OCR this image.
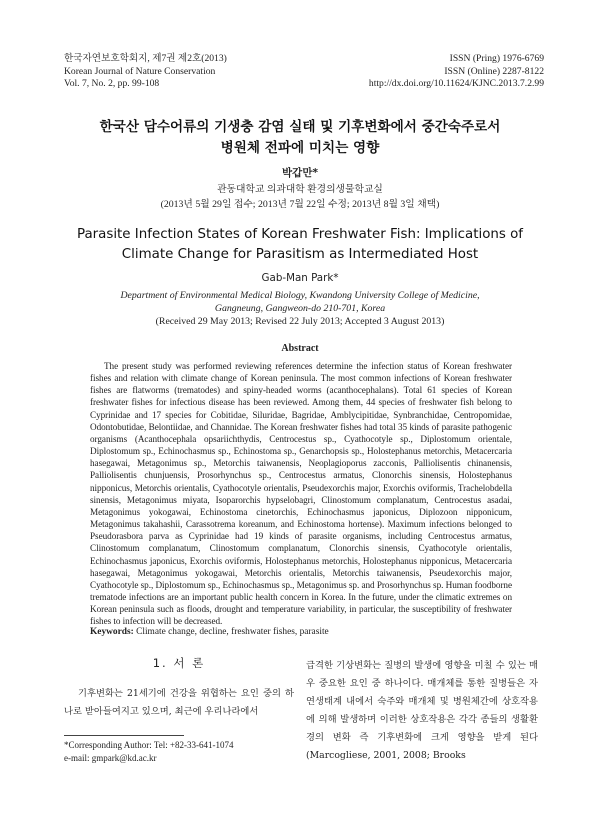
한국자연보호학회지, 제7권 제2호(2013)
Korean Journal of Nature Conservation
Vol. 7, No. 2, pp. 99-108
ISSN (Pring) 1976-6769
ISSN (Online) 2287-8122
http://dx.doi.org/10.11624/KJNC.2013.7.2.99
한국산 담수어류의 기생충 감염 실태 및 기후변화에서 중간숙주로서
병원체 전파에 미치는 영향
박갑만*
관동대학교 의과대학 환경의생물학교실
(2013년 5월 29일 접수; 2013년 7월 22일 수정; 2013년 8월 3일 채택)
Parasite Infection States of Korean Freshwater Fish: Implications of
Climate Change for Parasitism as Intermediated Host
Gab-Man Park*
Department of Environmental Medical Biology, Kwandong University College of Medicine,
Gangneung, Gangweon-do 210-701, Korea
(Received 29 May 2013; Revised 22 July 2013; Accepted 3 August 2013)
Abstract
The present study was performed reviewing references determine the infection status of Korean freshwater fishes and relation with climate change of Korean peninsula. The most common infections of Korean freshwater fishes are flatworms (trematodes) and spiny-headed worms (acanthocephalans). Total 61 species of Korean freshwater fishes for infectious disease has been reviewed. Among them, 44 species of freshwater fish belong to Cyprinidae and 17 species for Cobitidae, Siluridae, Bagridae, Amblycipitidae, Synbranchidae, Centropomidae, Odontobutidae, Belontiidae, and Channidae. The Korean freshwater fishes had total 35 kinds of parasite pathogenic organisms (Acanthocephala opsariichthydis, Centrocestus sp., Cyathocotyle sp., Diplostomum orientale, Diplostomum sp., Echinochasmus sp., Echinostoma sp., Genarchopsis sp., Holostephanus metorchis, Metacercaria hasegawai, Metagonimus sp., Metorchis taiwanensis, Neoplagioporus zacconis, Palliolisentis chinanensis, Palliolisentis chunjuensis, Prosorhynchus sp., Centrocestus armatus, Clonorchis sinensis, Holostephanus nipponicus, Metorchis orientalis, Cyathocotyle orientalis, Pseudexorchis major, Exorchis oviformis, Trachelobdella sinensis, Metagonimus miyata, Isoparorchis hypselobagri, Clinostomum complanatum, Centrocestus asadai, Metagonimus yokogawai, Echinostoma cinetorchis, Echinochasmus japonicus, Diplozoon nipponicum, Metagonimus takahashii, Carassotrema koreanum, and Echinostoma hortense). Maximum infections belonged to Pseudorasbora parva as Cyprinidae had 19 kinds of parasite organisms, including Centrocestus armatus, Clinostomum complanatum, Clinostomum complanatum, Clonorchis sinensis, Cyathocotyle orientalis, Echinochasmus japonicus, Exorchis oviformis, Holostephanus metorchis, Holostephanus nipponicus, Metacercaria hasegawai, Metagonimus yokogawai, Metorchis orientalis, Metorchis taiwanensis, Pseudexorchis major, Cyathocotyle sp., Diplostomum sp., Echinochasmus sp., Metagonimus sp. and Prosorhynchus sp. Human foodborne trematode infections are an important public health concern in Korea. In the future, under the climatic extremes on Korean peninsula such as floods, drought and temperature variability, in particular, the susceptibility of freshwater fishes to infection will be decreased.
Keywords: Climate change, decline, freshwater fishes, parasite
1. 서 론
기후변화는 21세기에 건강을 위협하는 요인 중의 하나로 받아들여지고 있으며, 최근에 우리나라에서
급격한 기상변화는 질병의 발생에 영향을 미칠 수 있는 매우 중요한 요인 중 하나이다. 매개체를 통한 질병들은 자연생태계 내에서 숙주와 매개체 및 병원체간에 상호작용에 의해 발생하며 이러한 상호작용은 각각 종들의 생활환경의 변화 즉 기후변화에 크게 영향을 받게 된다(Marcogliese, 2001, 2008; Brooks
*Corresponding Author: Tel: +82-33-641-1074
e-mail: gmpark@kd.ac.kr
